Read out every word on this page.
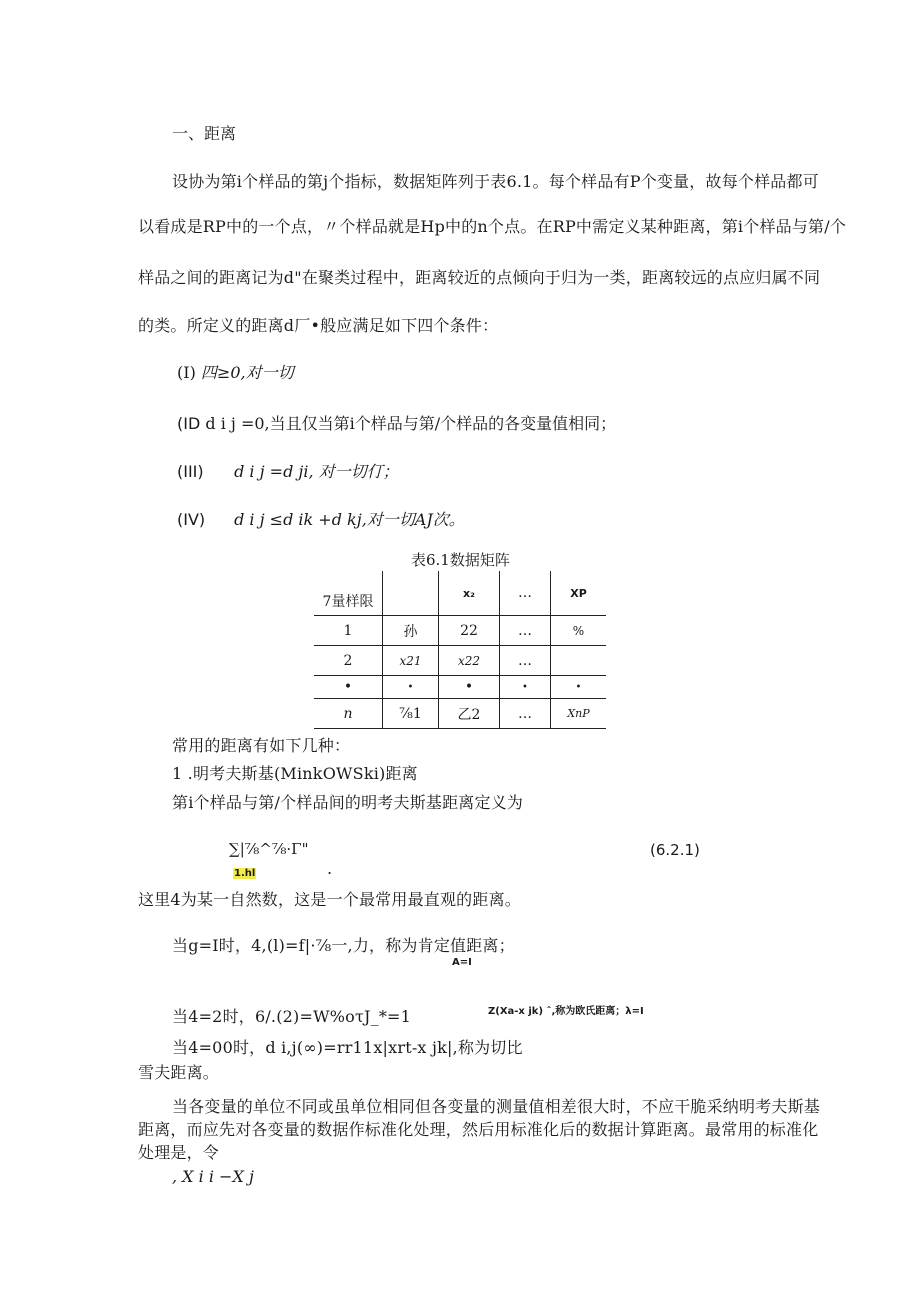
一、距离
设协为第i个样品的第j个指标，数据矩阵列于表6.1。每个样品有P个变量，故每个样品都可
以看成是RP中的一个点，〃个样品就是Hp中的n个点。在RP中需定义某种距离，第i个样品与第/个
样品之间的距离记为d"在聚类过程中，距离较近的点倾向于归为一类，距离较远的点应归属不同
的类。所定义的距离d厂•般应满足如下四个条件：
(I) 四≥0,对一切
(ID d i j =0,当且仅当第i个样品与第/个样品的各变量值相同；
(III) d i j =d ji, 对一切仃；
(IV) d i j ≤d ik +d kj,对一切AJ次。
表6.1数据矩阵
7量样限		x₂	…	XP
1	孙	22	…	%
2	x21	x22	…	
•	•	•	•	•
n	⅞1	乙2	…	XnP
常用的距离有如下几种：
1 .明考夫斯基(MinkOWSki)距离
第i个样品与第/个样品间的明考夫斯基距离定义为
∑|⅞^⅞·Γ"
1.hl	.
(6.2.1)
这里4为某一自然数，这是一个最常用最直观的距离。
当g=I时，4,(l)=f|·⅞一,力，称为肯定值距离；
A=I
当4=2时，6/.(2)=W%oτJ_*=1	Z(Xa-x jk) ˆ,称为欧氏距离；λ=I
当4=00时，d i,j(∞)=rr11x|xrt-x jk|,称为切比
雪夫距离。
当各变量的单位不同或虽单位相同但各变量的测量值相差很大时，不应干脆采纳明考夫斯基
距离，而应先对各变量的数据作标准化处理，然后用标准化后的数据计算距离。最常用的标准化
处理是，令
, X i i −X j
